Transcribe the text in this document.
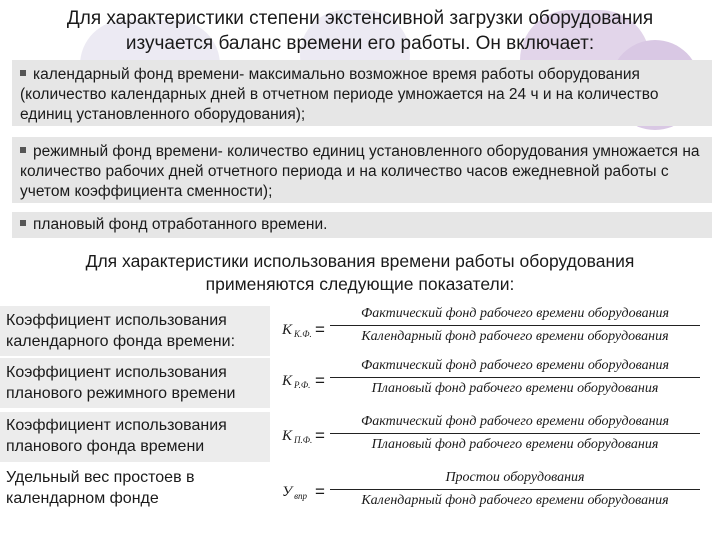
Для характеристики степени экстенсивной загрузки оборудования
изучается баланс времени его работы. Он включает:
календарный фонд времени- максимально возможное время работы оборудования (количество календарных дней в отчетном периоде умножается на 24 ч и на количество единиц установленного оборудования);
режимный фонд времени- количество единиц установленного оборудования умножается на количество рабочих дней отчетного периода и на количество часов ежедневной работы с учетом коэффициента сменности);
плановый фонд отработанного времени.
Для характеристики использования времени работы оборудования
применяются следующие показатели:
Коэффициент использования календарного фонда времени:
K $_{К.Ф.}$ =
Фактический фонд рабочего времени оборудования
Календарный фонд рабочего времени оборудования
Коэффициент использования планового режимного времени
K $_{Р.Ф.}$ =
Фактический фонд рабочего времени оборудования
Плановый фонд рабочего времени оборудования
Коэффициент использования планового фонда времени
K $_{П.Ф.}$ =
Фактический фонд рабочего времени оборудования
Плановый фонд рабочего времени оборудования
Удельный вес простоев в календарном фонде	У $_{впр}$ =
Простои оборудования
Календарный фонд рабочего времени оборудования
